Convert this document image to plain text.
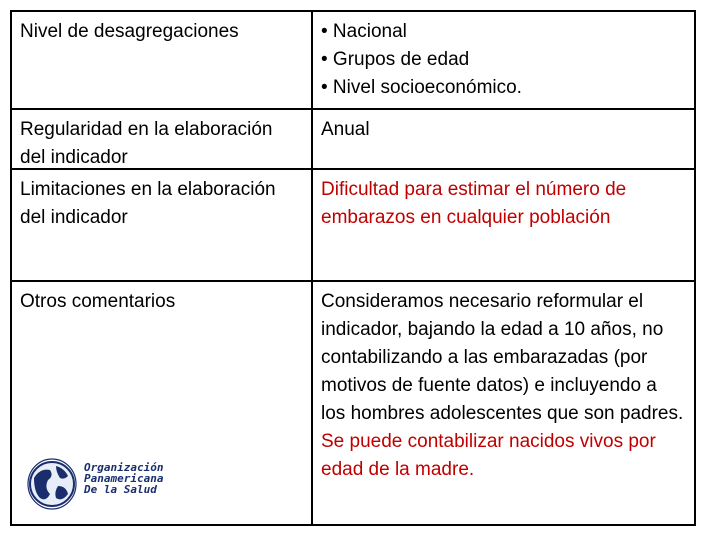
Nivel de desagregaciones	• Nacional
• Grupos de edad
• Nivel socioeconómico.
Regularidad en la elaboración del indicador
Anual
Limitaciones en la elaboración del indicador
Dificultad para estimar el número de embarazos en cualquier población
Otros comentarios
Organización
Panamericana
De la Salud
Consideramos necesario reformular el indicador, bajando la edad a 10 años, no contabilizando a las embarazadas (por motivos de fuente datos) e incluyendo a los hombres adolescentes que son padres.
Se puede contabilizar nacidos vivos por edad de la madre.
